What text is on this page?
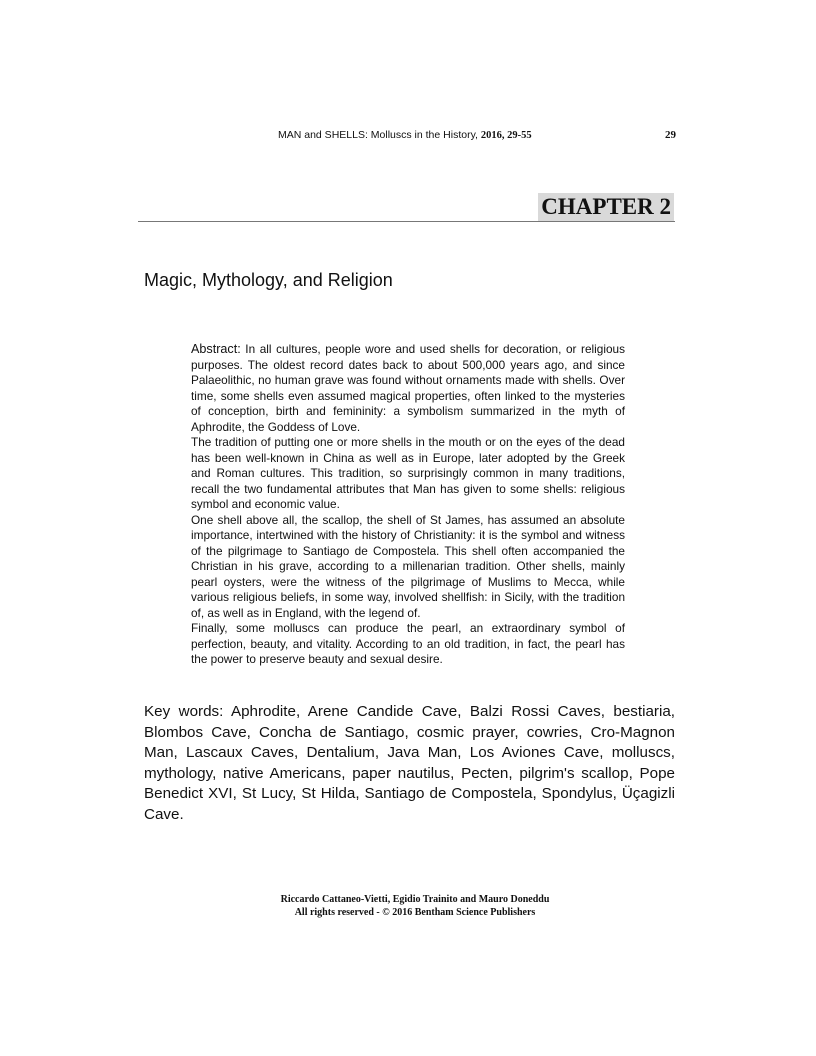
MAN and SHELLS: Molluscs in the History, 2016, 29-55	29
CHAPTER 2
Magic, Mythology, and Religion

Abstract: In all cultures, people wore and used shells for decoration, or religious purposes. The oldest record dates back to about 500,000 years ago, and since Palaeolithic, no human grave was found without ornaments made with shells. Over time, some shells even assumed magical properties, often linked to the mysteries of conception, birth and femininity: a symbolism summarized in the myth of Aphrodite, the Goddess of Love.

The tradition of putting one or more shells in the mouth or on the eyes of the dead has been well-known in China as well as in Europe, later adopted by the Greek and Roman cultures. This tradition, so surprisingly common in many traditions, recall the two fundamental attributes that Man has given to some shells: religious symbol and economic value.

One shell above all, the scallop, the shell of St James, has assumed an absolute importance, intertwined with the history of Christianity: it is the symbol and witness of the pilgrimage to Santiago de Compostela. This shell often accompanied the Christian in his grave, according to a millenarian tradition. Other shells, mainly pearl oysters, were the witness of the pilgrimage of Muslims to Mecca, while various religious beliefs, in some way, involved shellfish: in Sicily, with the tradition of, as well as in England, with the legend of.

Finally, some molluscs can produce the pearl, an extraordinary symbol of perfection, beauty, and vitality. According to an old tradition, in fact, the pearl has the power to preserve beauty and sexual desire.

Key words: Aphrodite, Arene Candide Cave, Balzi Rossi Caves, bestiaria, Blombos Cave, Concha de Santiago, cosmic prayer, cowries, Cro-Magnon Man, Lascaux Caves, Dentalium, Java Man, Los Aviones Cave, molluscs, mythology, native Americans, paper nautilus, Pecten, pilgrim's scallop, Pope Benedict XVI, St Lucy, St Hilda, Santiago de Compostela, Spondylus, Üçagizli Cave.
Riccardo Cattaneo-Vietti, Egidio Trainito and Mauro Doneddu
All rights reserved - © 2016 Bentham Science Publishers
